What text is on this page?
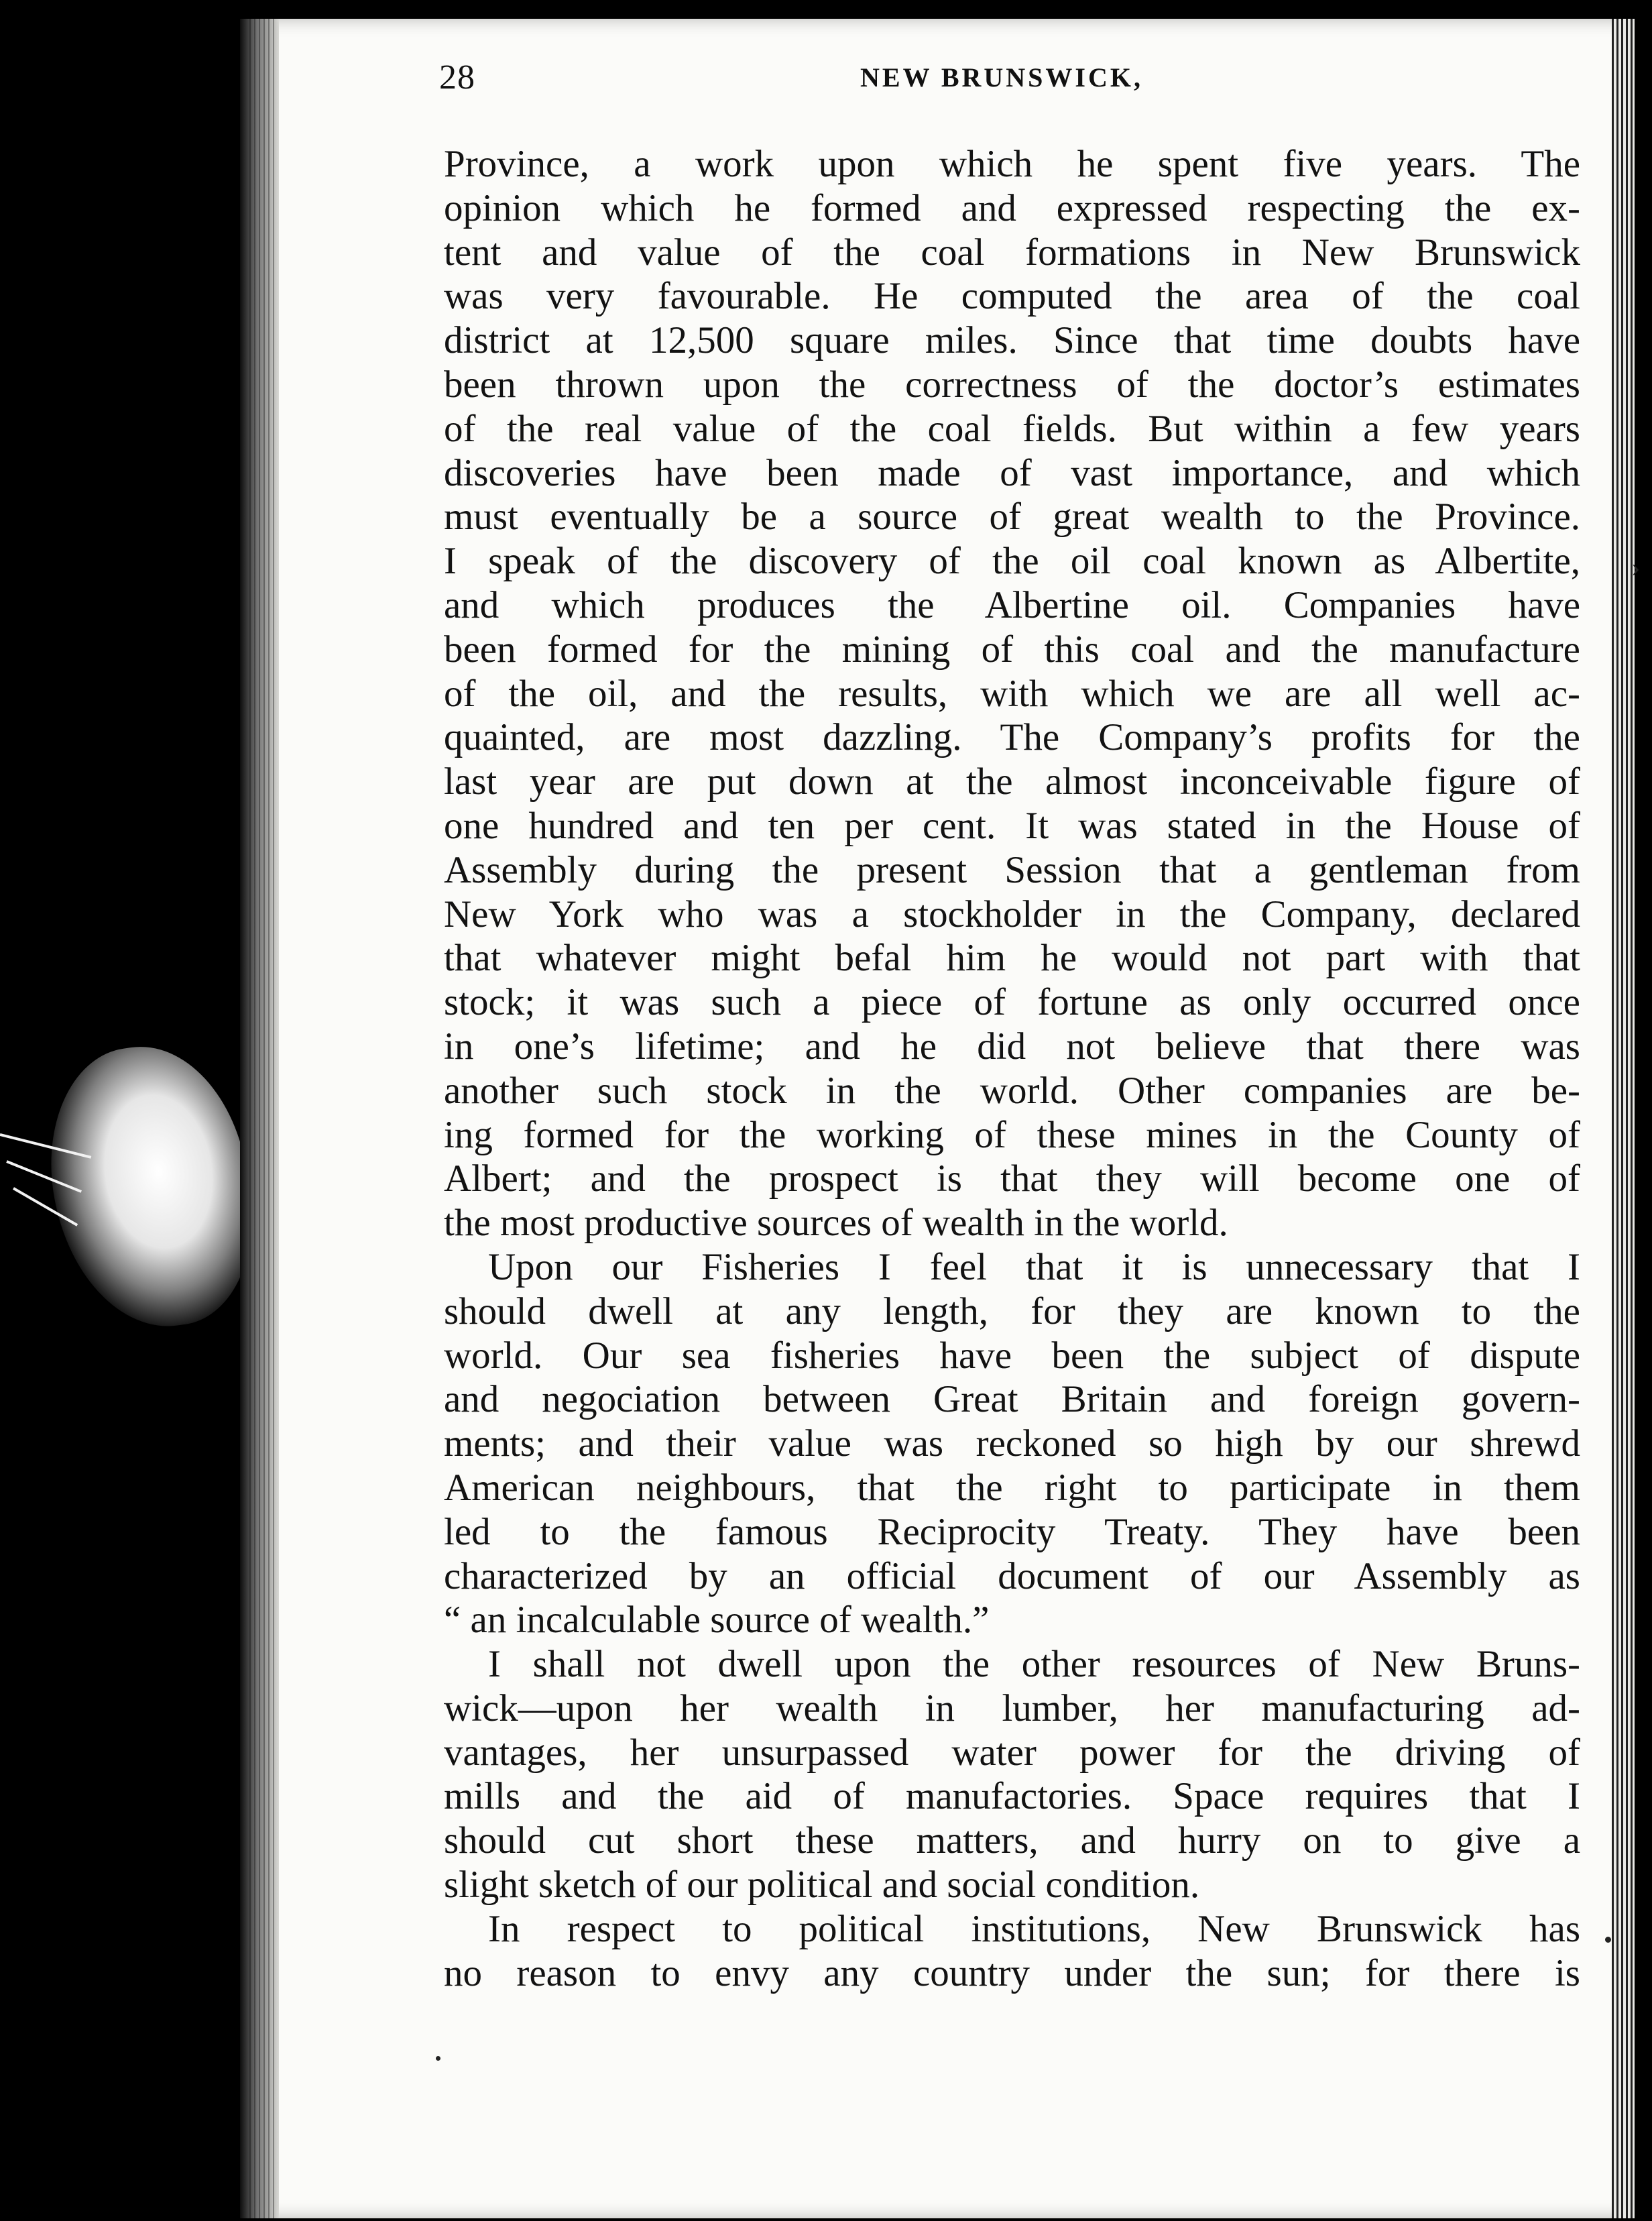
28	NEW BRUNSWICK,
Province, a work upon which he spent five years. The
opinion which he formed and expressed respecting the ex-
tent and value of the coal formations in New Brunswick
was very favourable. He computed the area of the coal
district at 12,500 square miles. Since that time doubts have
been thrown upon the correctness of the doctor’s estimates
of the real value of the coal fields. But within a few years
discoveries have been made of vast importance, and which
must eventually be a source of great wealth to the Province.
I speak of the discovery of the oil coal known as Albertite,
and which produces the Albertine oil. Companies have
been formed for the mining of this coal and the manufacture
of the oil, and the results, with which we are all well ac-
quainted, are most dazzling. The Company’s profits for the
last year are put down at the almost inconceivable figure of
one hundred and ten per cent. It was stated in the House of
Assembly during the present Session that a gentleman from
New York who was a stockholder in the Company, declared
that whatever might befal him he would not part with that
stock; it was such a piece of fortune as only occurred once
in one’s lifetime; and he did not believe that there was
another such stock in the world. Other companies are be-
ing formed for the working of these mines in the County of
Albert; and the prospect is that they will become one of
the most productive sources of wealth in the world.
Upon our Fisheries I feel that it is unnecessary that I
should dwell at any length, for they are known to the
world. Our sea fisheries have been the subject of dispute
and negociation between Great Britain and foreign govern-
ments; and their value was reckoned so high by our shrewd
American neighbours, that the right to participate in them
led to the famous Reciprocity Treaty. They have been
characterized by an official document of our Assembly as
“ an incalculable source of wealth.”
I shall not dwell upon the other resources of New Bruns-
wick—upon her wealth in lumber, her manufacturing ad-
vantages, her unsurpassed water power for the driving of
mills and the aid of manufactories. Space requires that I
should cut short these matters, and hurry on to give a
slight sketch of our political and social condition.
In respect to political institutions, New Brunswick has
no reason to envy any country under the sun; for there is
›
